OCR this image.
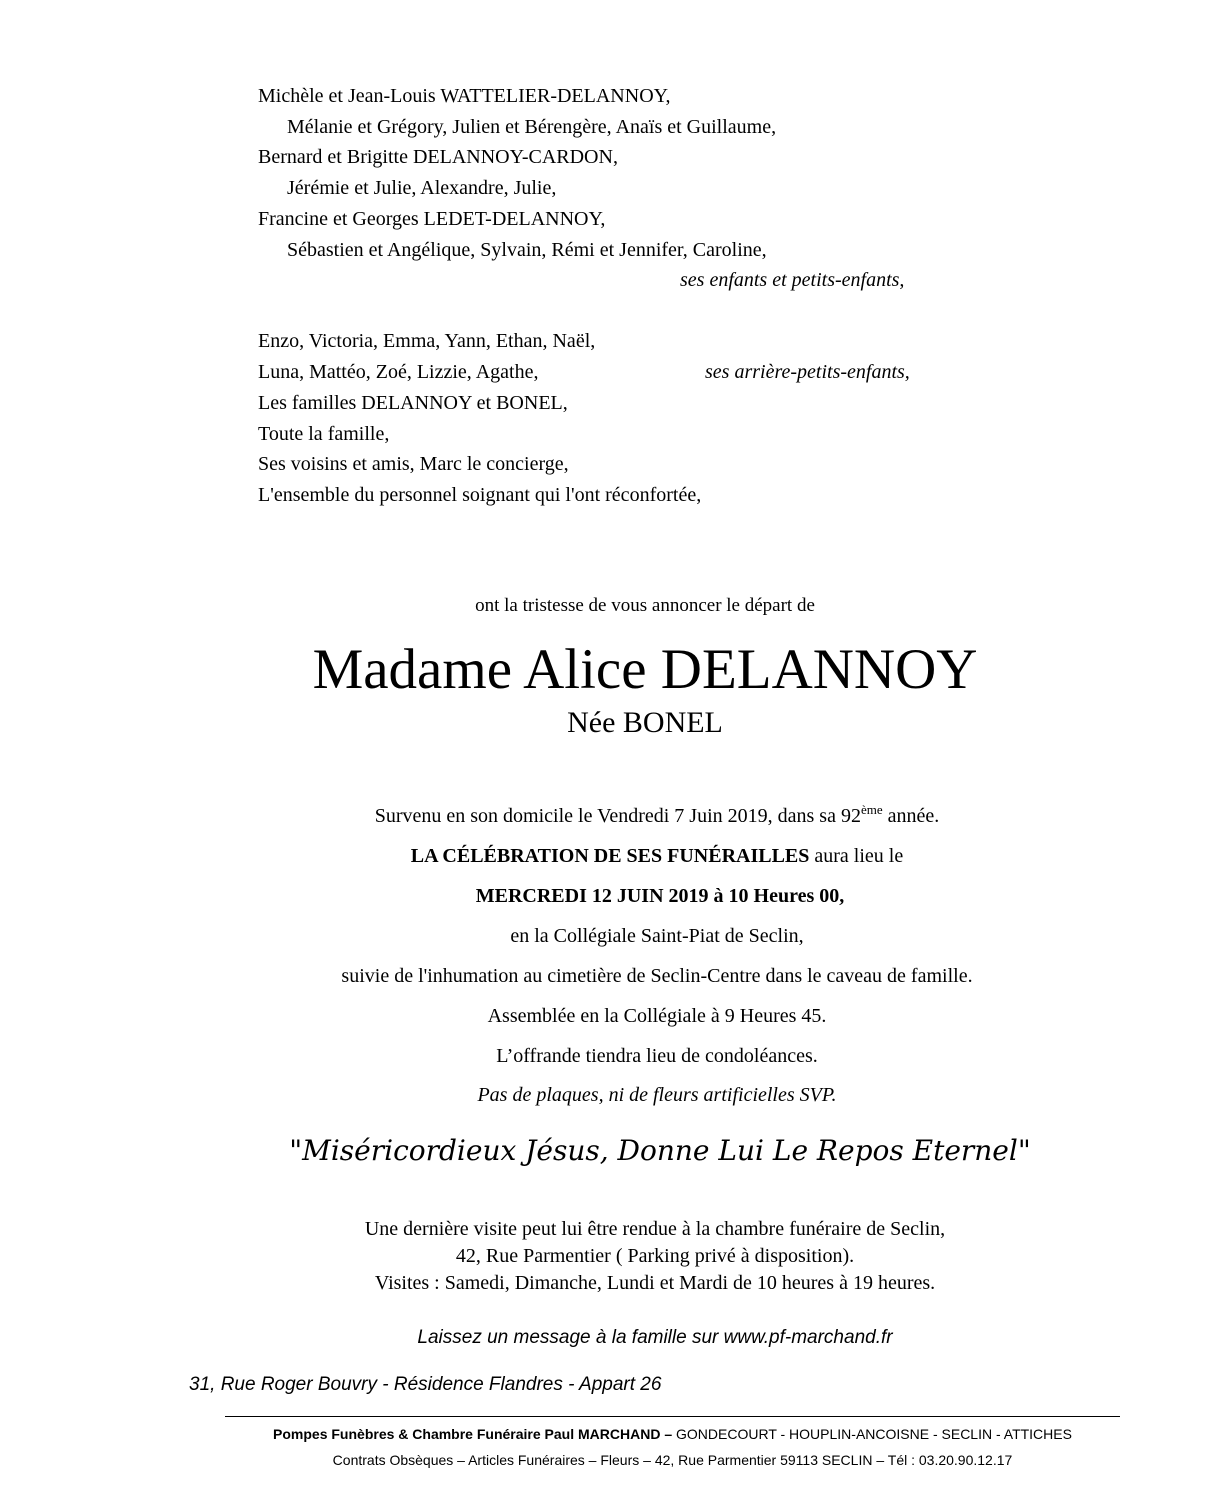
Michèle et Jean-Louis WATTELIER-DELANNOY,
Mélanie et Grégory, Julien et Bérengère, Anaïs et Guillaume,
Bernard et Brigitte DELANNOY-CARDON,
Jérémie et Julie, Alexandre, Julie,
Francine et Georges LEDET-DELANNOY,
Sébastien et Angélique, Sylvain, Rémi et Jennifer, Caroline,
ses enfants et petits-enfants,
Enzo, Victoria, Emma, Yann, Ethan, Naël,
Luna, Mattéo, Zoé, Lizzie, Agathe,	ses arrière-petits-enfants,
Les familles DELANNOY et BONEL,
Toute la famille,
Ses voisins et amis, Marc le concierge,
L'ensemble du personnel soignant qui l'ont réconfortée,
ont la tristesse de vous annoncer le départ de
Madame Alice DELANNOY
Née BONEL
Survenu en son domicile le Vendredi 7 Juin 2019, dans sa 92ème année.
LA CÉLÉBRATION DE SES FUNÉRAILLES aura lieu le
MERCREDI 12 JUIN 2019 à 10 Heures 00,
en la Collégiale Saint-Piat de Seclin,
suivie de l'inhumation au cimetière de Seclin-Centre dans le caveau de famille.
Assemblée en la Collégiale à 9 Heures 45.
L’offrande tiendra lieu de condoléances.
Pas de plaques, ni de fleurs artificielles SVP.
"Miséricordieux Jésus, Donne Lui Le Repos Eternel"
Une dernière visite peut lui être rendue à la chambre funéraire de Seclin,
42, Rue Parmentier ( Parking privé à disposition).
Visites : Samedi, Dimanche, Lundi et Mardi de 10 heures à 19 heures.
Laissez un message à la famille sur www.pf-marchand.fr
31, Rue Roger Bouvry - Résidence Flandres - Appart 26
Pompes Funèbres & Chambre Funéraire Paul MARCHAND – GONDECOURT - HOUPLIN-ANCOISNE - SECLIN - ATTICHES
Contrats Obsèques – Articles Funéraires – Fleurs – 42, Rue Parmentier 59113 SECLIN – Tél : 03.20.90.12.17
